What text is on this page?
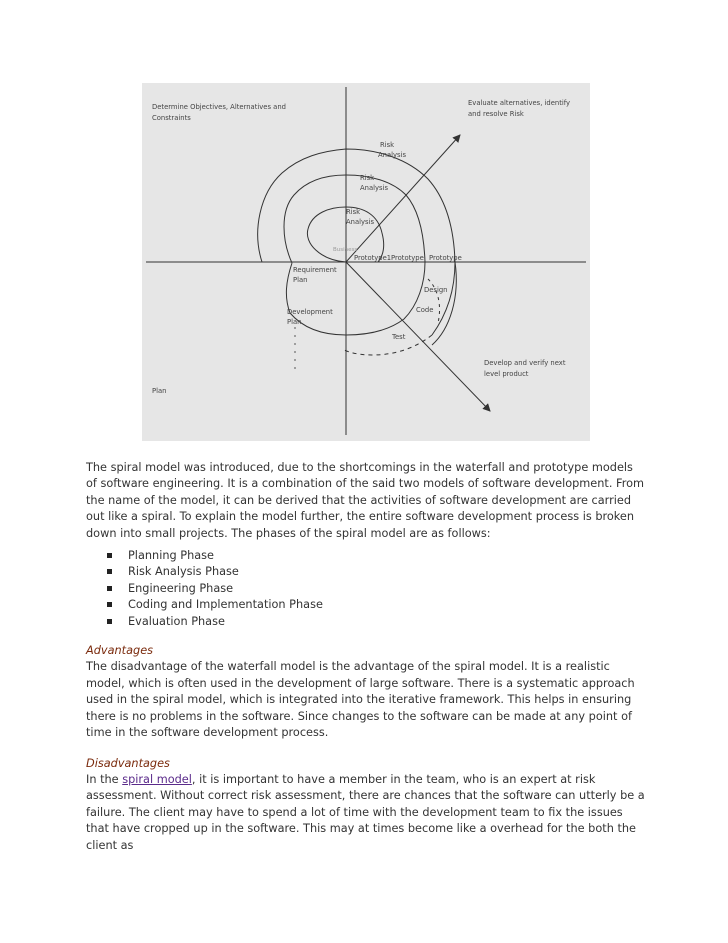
Determine Objectives, Alternatives and
Constraints
Evaluate alternatives, identify
and resolve Risk
Develop and verify next
level product
Plan
Risk
Analysis
Risk
Analysis
Risk
Analysis
Business
Prototype1 Prototype Prototype
Requirement
Plan
Development
Plan
Design
Code
Test

The spiral model was introduced, due to the shortcomings in the waterfall and prototype models of software engineering. It is a combination of the said two models of software development. From the name of the model, it can be derived that the activities of software development are carried out like a spiral. To explain the model further, the entire software development process is broken down into small projects. The phases of the spiral model are as follows:

Planning Phase
Risk Analysis Phase
Engineering Phase
Coding and Implementation Phase
Evaluation Phase

Advantages

The disadvantage of the waterfall model is the advantage of the spiral model. It is a realistic model, which is often used in the development of large software. There is a systematic approach used in the spiral model, which is integrated into the iterative framework. This helps in ensuring there is no problems in the software. Since changes to the software can be made at any point of time in the software development process.

Disadvantages

In the spiral model, it is important to have a member in the team, who is an expert at risk assessment. Without correct risk assessment, there are chances that the software can utterly be a failure. The client may have to spend a lot of time with the development team to fix the issues that have cropped up in the software. This may at times become like a overhead for the both the client as
